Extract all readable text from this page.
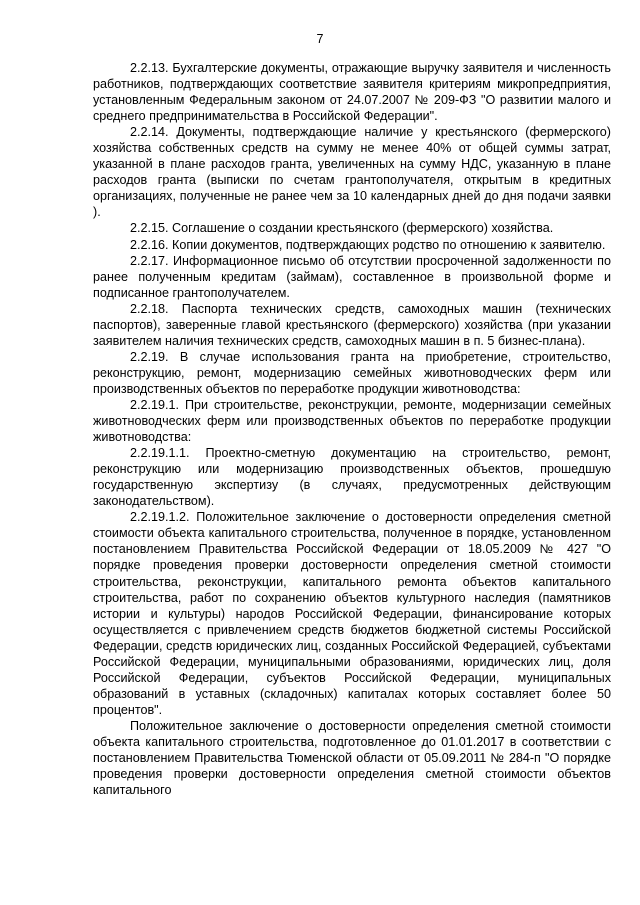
7

2.2.13. Бухгалтерские документы, отражающие выручку заявителя и численность работников, подтверждающих соответствие заявителя критериям микропредприятия, установленным Федеральным законом от 24.07.2007 № 209-ФЗ "О развитии малого и среднего предпринимательства в Российской Федерации".

2.2.14. Документы, подтверждающие наличие у крестьянского (фермерского) хозяйства собственных средств на сумму не менее 40% от общей суммы затрат, указанной в плане расходов гранта, увеличенных на сумму НДС, указанную в плане расходов гранта (выписки по счетам грантополучателя, открытым в кредитных организациях, полученные не ранее чем за 10 календарных дней до дня подачи заявки ).

2.2.15. Соглашение о создании крестьянского (фермерского) хозяйства.

2.2.16. Копии документов, подтверждающих родство по отношению к заявителю.

2.2.17. Информационное письмо об отсутствии просроченной задолженности по ранее полученным кредитам (займам), составленное в произвольной форме и подписанное грантополучателем.

2.2.18. Паспорта технических средств, самоходных машин (технических паспортов), заверенные главой крестьянского (фермерского) хозяйства (при указании заявителем наличия технических средств, самоходных машин в п. 5 бизнес-плана).

2.2.19. В случае использования гранта на приобретение, строительство, реконструкцию, ремонт, модернизацию семейных животноводческих ферм или производственных объектов по переработке продукции животноводства:

2.2.19.1. При строительстве, реконструкции, ремонте, модернизации семейных животноводческих ферм или производственных объектов по переработке продукции животноводства:

2.2.19.1.1. Проектно-сметную документацию на строительство, ремонт, реконструкцию или модернизацию производственных объектов, прошедшую государственную экспертизу (в случаях, предусмотренных действующим законодательством).

2.2.19.1.2. Положительное заключение о достоверности определения сметной стоимости объекта капитального строительства, полученное в порядке, установленном постановлением Правительства Российской Федерации от 18.05.2009 № 427 "О порядке проведения проверки достоверности определения сметной стоимости строительства, реконструкции, капитального ремонта объектов капитального строительства, работ по сохранению объектов культурного наследия (памятников истории и культуры) народов Российской Федерации, финансирование которых осуществляется с привлечением средств бюджетов бюджетной системы Российской Федерации, средств юридических лиц, созданных Российской Федерацией, субъектами Российской Федерации, муниципальными образованиями, юридических лиц, доля Российской Федерации, субъектов Российской Федерации, муниципальных образований в уставных (складочных) капиталах которых составляет более 50 процентов".

Положительное заключение о достоверности определения сметной стоимости объекта капитального строительства, подготовленное до 01.01.2017 в соответствии с постановлением Правительства Тюменской области от 05.09.2011 № 284-п "О порядке проведения проверки достоверности определения сметной стоимости объектов капитального
